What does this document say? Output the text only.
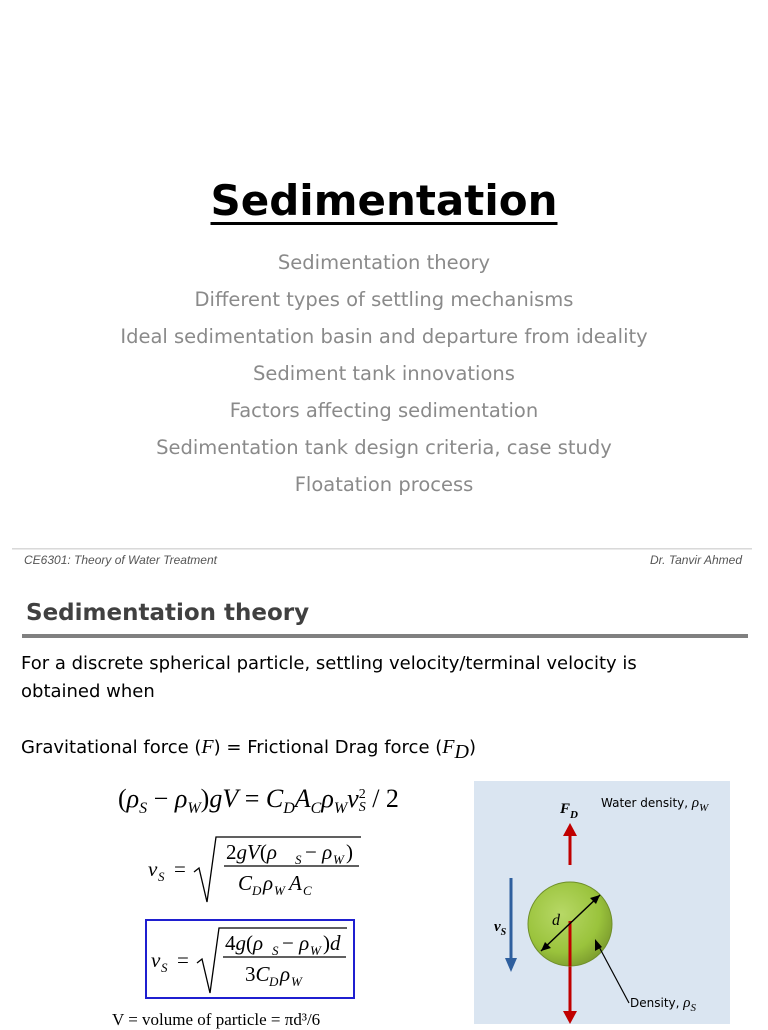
Sedimentation
Sedimentation theory
Different types of settling mechanisms
Ideal sedimentation basin and departure from ideality
Sediment tank innovations
Factors affecting sedimentation
Sedimentation tank design criteria, case study
Floatation process
CE6301: Theory of Water Treatment	Dr. Tanvir Ahmed
Sedimentation theory

For a discrete spherical particle, settling velocity/terminal velocity is obtained when

Gravitational force (F) = Frictional Drag force $(F_D)$

$(\rho_S - \rho_W)gV = C_DA_C\rho_Wv$ 2
S / 2
v S =
2gV(ρ S − ρ W )
C D ρ W A C
v S =
4g(ρ S − ρ W )d
3C D ρ W
V = volume of particle = πd³/6
$F_D$
Water density, ρW
$v_S$
d
Density, ρS
